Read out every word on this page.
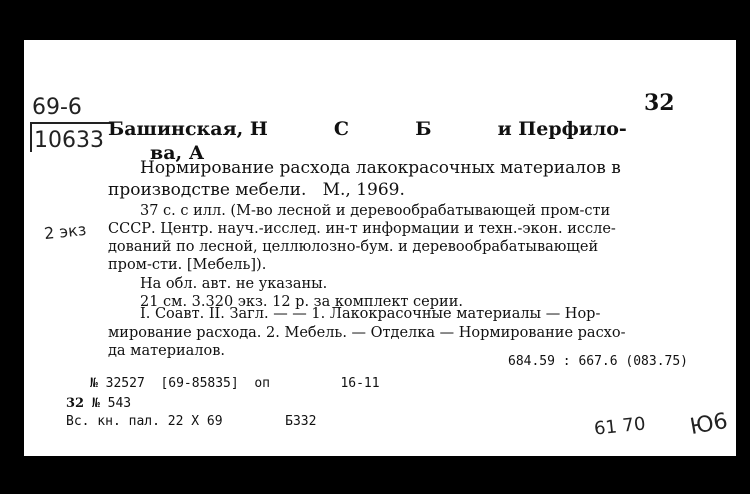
69-6
10633
2 экз
32
Башинская, Н          С          Б          и Перфило-
ва, А
Нормирование расхода лакокрасочных материалов в
производстве мебели.   М., 1969.
37 с. с илл. (М-во лесной и деревообрабатывающей пром-сти
СССР. Центр. науч.-исслед. ин-т информации и техн.-экон. иссле-
дований по лесной, целлюлозно-бум. и деревообрабатывающей
пром-сти. [Мебель]).
На обл. авт. не указаны.
21 см. 3.320 экз. 12 р. за комплект серии.
I. Соавт. II. Загл. — — 1. Лакокрасочные материалы — Нор-
мирование расхода. 2. Мебель. — Отделка — Нормирование расхо-
да материалов.
684.59 : 667.6 (083.75)
№ 32527  [69-85835]  оп         16-11
32 № 543
Вс. кн. пал. 22 X 69        Б332	61 70 Ю6
